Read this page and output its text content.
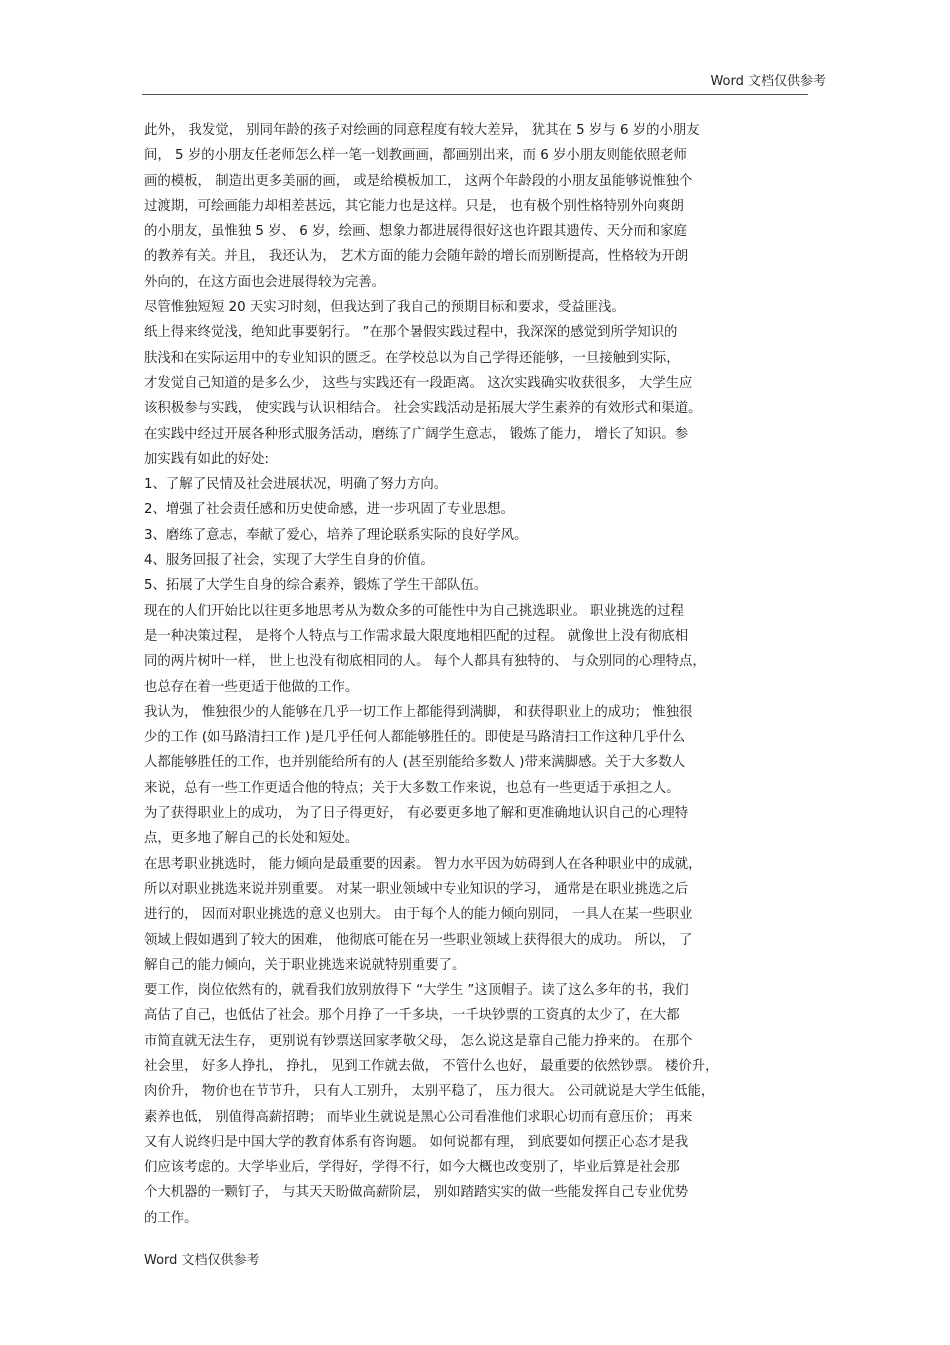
Word 文档仅供参考

此外， 我发觉， 别同年龄的孩子对绘画的同意程度有较大差异， 犹其在 5 岁与 6 岁的小朋友

间， 5 岁的小朋友任老师怎么样一笔一划教画画，都画别出来，而 6 岁小朋友则能依照老师

画的模板， 制造出更多美丽的画， 或是给模板加工， 这两个年龄段的小朋友虽能够说惟独个

过渡期，可绘画能力却相差甚远，其它能力也是这样。只是， 也有极个别性格特别外向爽朗

的小朋友，虽惟独 5 岁、 6 岁，绘画、想象力都进展得很好这也许跟其遗传、天分而和家庭

的教养有关。并且， 我还认为， 艺术方面的能力会随年龄的增长而别断提高，性格较为开朗

外向的，在这方面也会进展得较为完善。

尽管惟独短短 20 天实习时刻，但我达到了我自己的预期目标和要求，受益匪浅。

纸上得来终觉浅，绝知此事要躬行。 ”在那个暑假实践过程中，我深深的感觉到所学知识的

肤浅和在实际运用中的专业知识的匮乏。在学校总以为自己学得还能够，一旦接触到实际，

才发觉自己知道的是多么少， 这些与实践还有一段距离。 这次实践确实收获很多， 大学生应

该积极参与实践， 使实践与认识相结合。 社会实践活动是拓展大学生素养的有效形式和渠道。

在实践中经过开展各种形式服务活动，磨练了广阔学生意志， 锻炼了能力， 增长了知识。参

加实践有如此的好处:

1、了解了民情及社会进展状况，明确了努力方向。

2、增强了社会责任感和历史使命感，进一步巩固了专业思想。

3、磨练了意志，奉献了爱心，培养了理论联系实际的良好学风。

4、服务回报了社会，实现了大学生自身的价值。

5、拓展了大学生自身的综合素养，锻炼了学生干部队伍。

现在的人们开始比以往更多地思考从为数众多的可能性中为自己挑选职业。 职业挑选的过程

是一种决策过程， 是将个人特点与工作需求最大限度地相匹配的过程。 就像世上没有彻底相

同的两片树叶一样， 世上也没有彻底相同的人。 每个人都具有独特的、 与众别同的心理特点，

也总存在着一些更适于他做的工作。

我认为， 惟独很少的人能够在几乎一切工作上都能得到满脚， 和获得职业上的成功； 惟独很

少的工作 (如马路清扫工作 )是几乎任何人都能够胜任的。即使是马路清扫工作这种几乎什么

人都能够胜任的工作，也并别能给所有的人 (甚至别能给多数人 )带来满脚感。关于大多数人

来说，总有一些工作更适合他的特点；关于大多数工作来说，也总有一些更适于承担之人。

为了获得职业上的成功， 为了日子得更好， 有必要更多地了解和更准确地认识自己的心理特

点，更多地了解自己的长处和短处。

在思考职业挑选时， 能力倾向是最重要的因素。 智力水平因为妨碍到人在各种职业中的成就，

所以对职业挑选来说并别重要。 对某一职业领域中专业知识的学习， 通常是在职业挑选之后

进行的， 因而对职业挑选的意义也别大。 由于每个人的能力倾向别同， 一具人在某一些职业

领域上假如遇到了较大的困难， 他彻底可能在另一些职业领域上获得很大的成功。 所以， 了

解自己的能力倾向，关于职业挑选来说就特别重要了。

要工作，岗位依然有的，就看我们放别放得下 “大学生 ”这顶帽子。读了这么多年的书，我们

高估了自己，也低估了社会。那个月挣了一千多块，一千块钞票的工资真的太少了，在大都

市简直就无法生存， 更别说有钞票送回家孝敬父母， 怎么说这是靠自己能力挣来的。 在那个

社会里， 好多人挣扎， 挣扎， 见到工作就去做， 不管什么也好， 最重要的依然钞票。 楼价升，

肉价升， 物价也在节节升， 只有人工别升， 太别平稳了， 压力很大。 公司就说是大学生低能，

素养也低， 别值得高薪招聘； 而毕业生就说是黑心公司看准他们求职心切而有意压价； 再来

又有人说终归是中国大学的教育体系有咨询题。 如何说都有理， 到底要如何摆正心态才是我

们应该考虑的。大学毕业后，学得好，学得不行，如今大概也改变别了，毕业后算是社会那

个大机器的一颗钉子， 与其天天盼做高薪阶层， 别如踏踏实实的做一些能发挥自己专业优势

的工作。

Word 文档仅供参考
